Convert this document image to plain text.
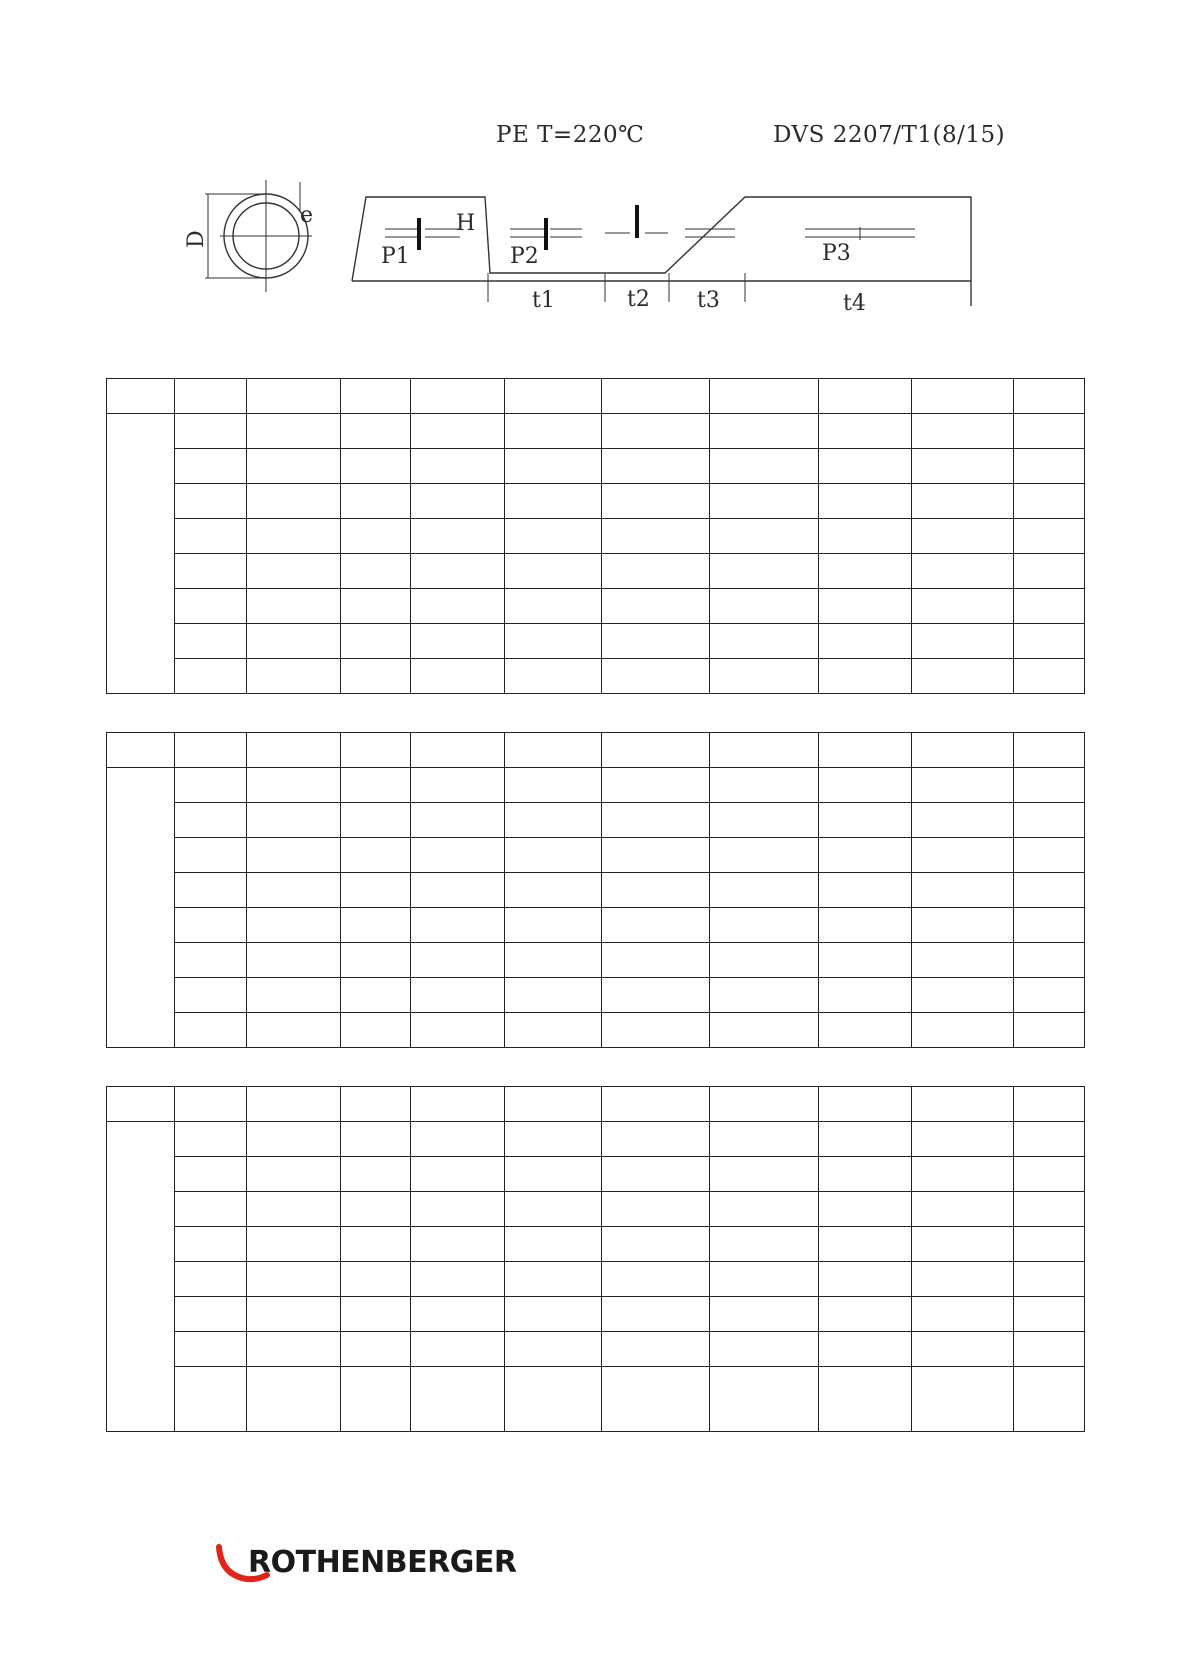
PE T=220℃	DVS 2207/T1(8/15)
D
e	H
P1	P2	P3
t1	t2 t3	t4

ROTHENBERGER
